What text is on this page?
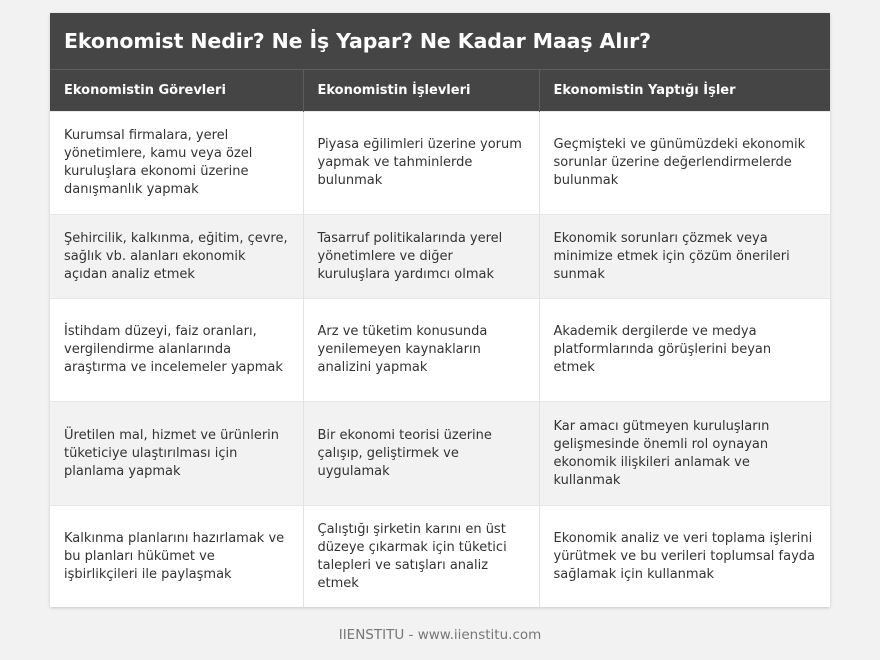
Ekonomist Nedir? Ne İş Yapar? Ne Kadar Maaş Alır?
Ekonomistin Görevleri	Ekonomistin İşlevleri	Ekonomistin Yaptığı İşler
Kurumsal firmalara, yerel yönetimlere, kamu veya özel kuruluşlara ekonomi üzerine danışmanlık yapmak	Piyasa eğilimleri üzerine yorum yapmak ve tahminlerde bulunmak	Geçmişteki ve günümüzdeki ekonomik sorunlar üzerine değerlendirmelerde bulunmak
Şehircilik, kalkınma, eğitim, çevre, sağlık vb. alanları ekonomik açıdan analiz etmek	Tasarruf politikalarında yerel yönetimlere ve diğer kuruluşlara yardımcı olmak	Ekonomik sorunları çözmek veya minimize etmek için çözüm önerileri sunmak
İstihdam düzeyi, faiz oranları, vergilendirme alanlarında araştırma ve incelemeler yapmak	Arz ve tüketim konusunda yenilemeyen kaynakların analizini yapmak	Akademik dergilerde ve medya platformlarında görüşlerini beyan etmek
Üretilen mal, hizmet ve ürünlerin tüketiciye ulaştırılması için planlama yapmak	Bir ekonomi teorisi üzerine çalışıp, geliştirmek ve uygulamak	Kar amacı gütmeyen kuruluşların gelişmesinde önemli rol oynayan ekonomik ilişkileri anlamak ve kullanmak
Kalkınma planlarını hazırlamak ve bu planları hükümet ve işbirlikçileri ile paylaşmak	Çalıştığı şirketin karını en üst düzeye çıkarmak için tüketici talepleri ve satışları analiz etmek	Ekonomik analiz ve veri toplama işlerini yürütmek ve bu verileri toplumsal fayda sağlamak için kullanmak
IIENSTITU - www.iienstitu.com
